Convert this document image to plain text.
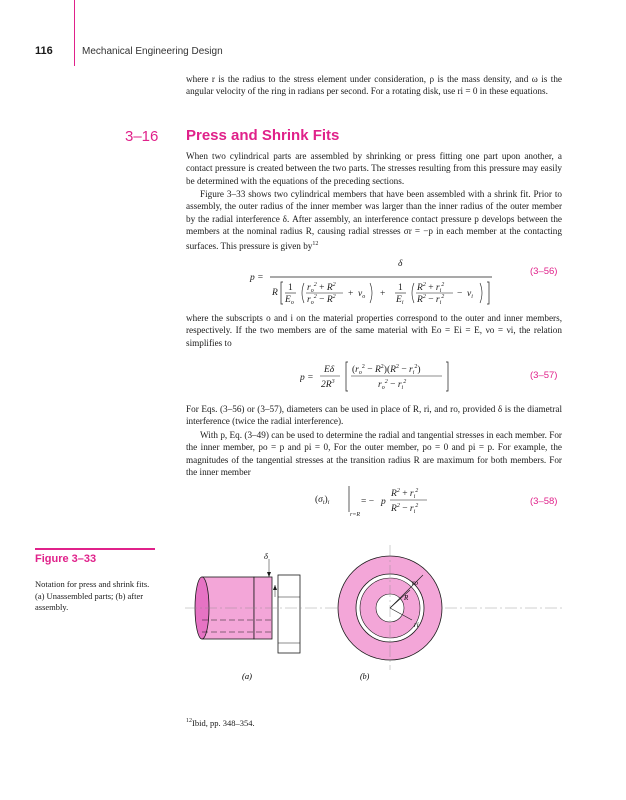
116	Mechanical Engineering Design

where r is the radius to the stress element under consideration, ρ is the mass density, and ω is the angular velocity of the ring in radians per second. For a rotating disk, use ri = 0 in these equations.

3–16 Press and Shrink Fits

When two cylindrical parts are assembled by shrinking or press fitting one part upon another, a contact pressure is created between the two parts. The stresses resulting from this pressure may easily be determined with the equations of the preceding sections.

Figure 3–33 shows two cylindrical members that have been assembled with a shrink fit. Prior to assembly, the outer radius of the inner member was larger than the inner radius of the outer member by the radial interference δ. After assembly, an interference contact pressure p develops between the members at the nominal radius R, causing radial stresses σr = −p in each member at the contacting surfaces. This pressure is given $by^{12}$

p =
δ
R 1
$E_o$
$r_o^2 + R^2$
$r_o^2 - R^2 + \nu_o$ +
1
$E_i$
$R^2 + r_i^2$
$R^2 - r_i^2 - \nu_i$
(3–56)

where the subscripts o and i on the material properties correspond to the outer and inner members, respectively. If the two members are of the same material with Eo = Ei = E, νo = νi, the relation simplifies to

p =
Eδ
$2R^3$
$(r_o^2 - R^2)(R^2 - r_i^2)$
$r_o^2 - r_i^2$
(3–57)

For Eqs. (3–56) or (3–57), diameters can be used in place of R, ri, and ro, provided δ is the diametral interference (twice the radial interference).

With p, Eq. (3–49) can be used to determine the radial and tangential stresses in each member. For the inner member, po = p and pi = 0, For the outer member, po = 0 and pi = p. For example, the magnitudes of the tangential stresses at the transition radius R are maximum for both members. For the inner member

$(\sigma_t)_i$
r=R
= − p
$R^2 + r_i^2$
$R^2 - r_i^2$	(3–58)
Figure 3–33
Notation for press and shrink fits. (a) Unassembled parts; (b) after assembly.
δ
ro
R
ri
(a)	(b)
$^{12}$Ibid, pp. 348–354.
